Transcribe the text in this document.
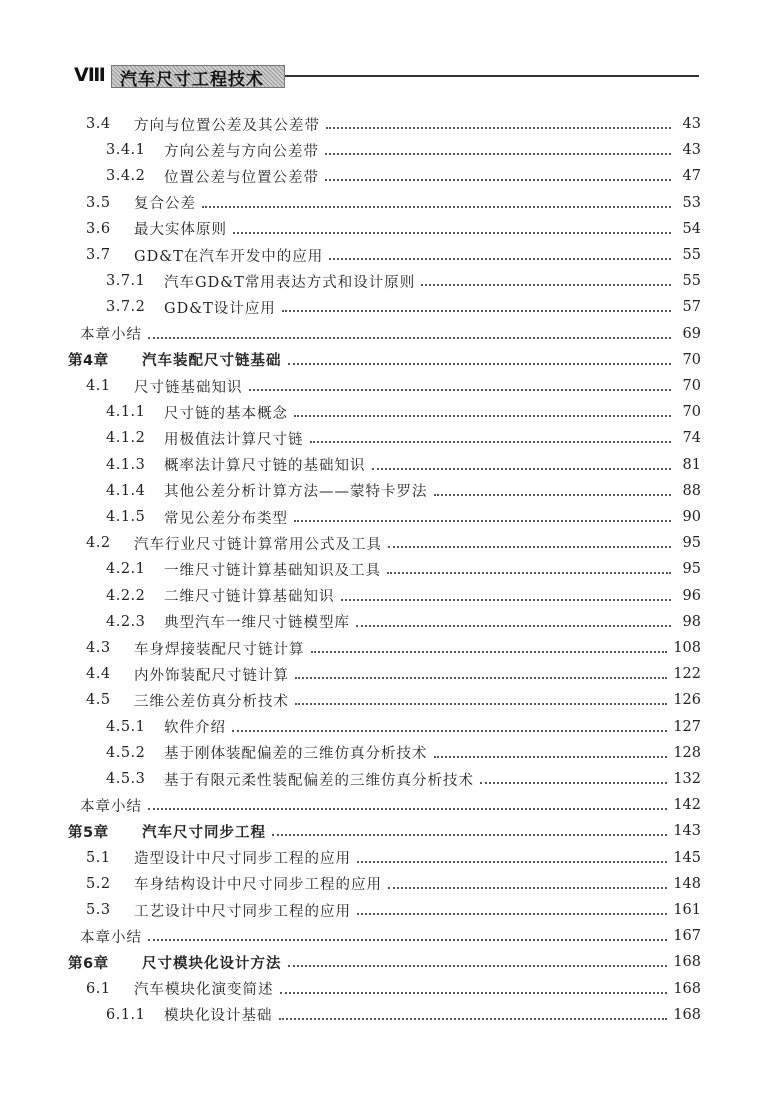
Ⅷ 汽车尺寸工程技术
3.4	方向与位置公差及其公差带	43
3.4.1	方向公差与方向公差带	43
3.4.2	位置公差与位置公差带	47
3.5	复合公差	53
3.6	最大实体原则	54
3.7	GD&T在汽车开发中的应用	55
3.7.1	汽车GD&T常用表达方式和设计原则	55
3.7.2	GD&T设计应用	57
本章小结	69
第4章	汽车装配尺寸链基础	70
4.1	尺寸链基础知识	70
4.1.1	尺寸链的基本概念	70
4.1.2	用极值法计算尺寸链	74
4.1.3	概率法计算尺寸链的基础知识	81
4.1.4	其他公差分析计算方法——蒙特卡罗法	88
4.1.5	常见公差分布类型	90
4.2	汽车行业尺寸链计算常用公式及工具	95
4.2.1	一维尺寸链计算基础知识及工具	95
4.2.2	二维尺寸链计算基础知识	96
4.2.3	典型汽车一维尺寸链模型库	98
4.3	车身焊接装配尺寸链计算	108
4.4	内外饰装配尺寸链计算	122
4.5	三维公差仿真分析技术	126
4.5.1	软件介绍	127
4.5.2	基于刚体装配偏差的三维仿真分析技术	128
4.5.3	基于有限元柔性装配偏差的三维仿真分析技术	132
本章小结	142
第5章	汽车尺寸同步工程	143
5.1	造型设计中尺寸同步工程的应用	145
5.2	车身结构设计中尺寸同步工程的应用	148
5.3	工艺设计中尺寸同步工程的应用	161
本章小结	167
第6章	尺寸模块化设计方法	168
6.1	汽车模块化演变简述	168
6.1.1	模块化设计基础	168
